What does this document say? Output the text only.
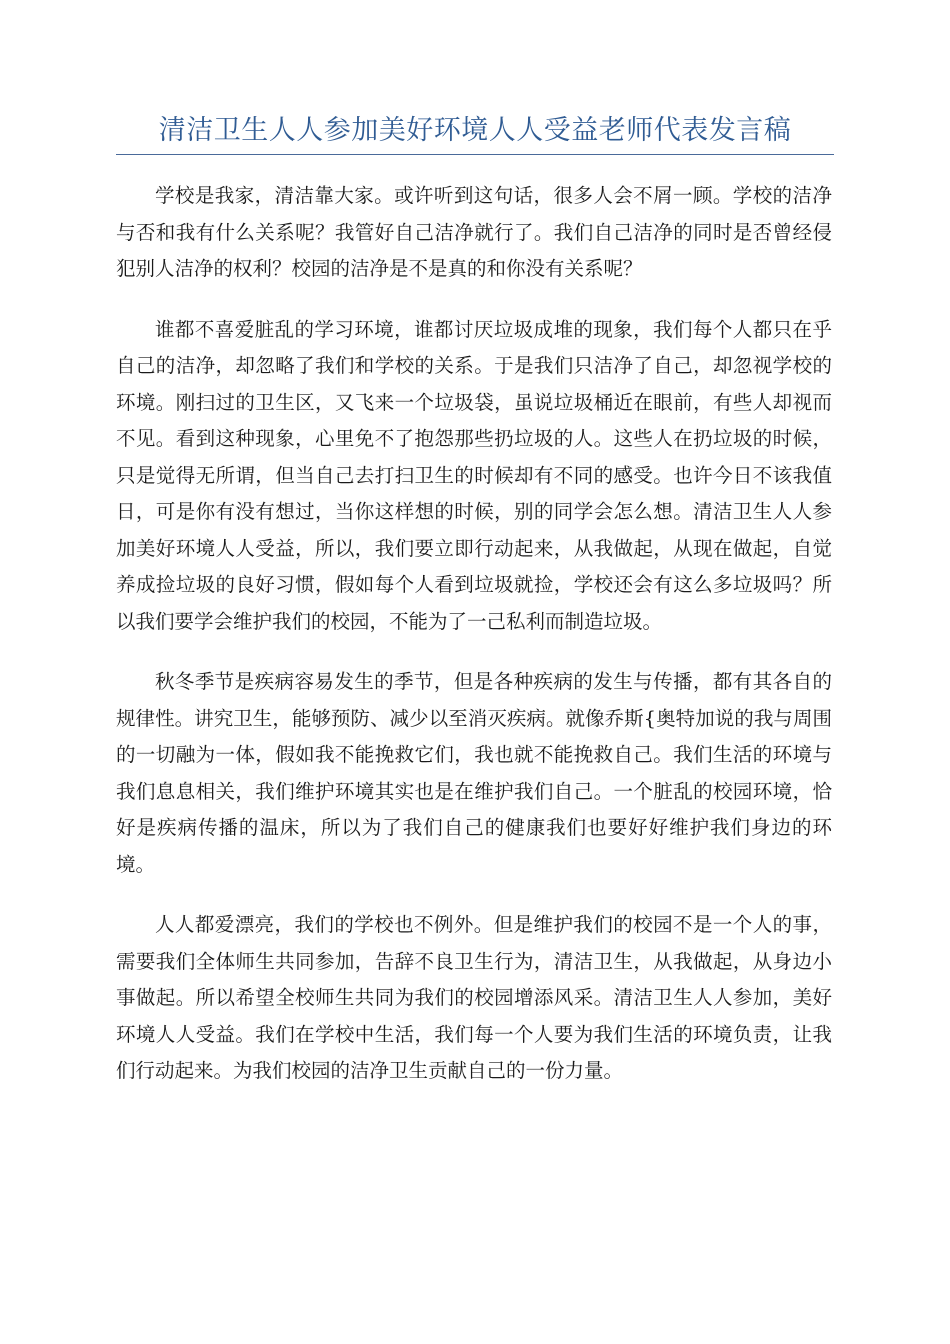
清洁卫生人人参加美好环境人人受益老师代表发言稿

学校是我家，清洁靠大家。或许听到这句话，很多人会不屑一顾。学校的洁净与否和我有什么关系呢？我管好自己洁净就行了。我们自己洁净的同时是否曾经侵犯别人洁净的权利？校园的洁净是不是真的和你没有关系呢？

谁都不喜爱脏乱的学习环境，谁都讨厌垃圾成堆的现象，我们每个人都只在乎自己的洁净，却忽略了我们和学校的关系。于是我们只洁净了自己，却忽视学校的环境。刚扫过的卫生区，又飞来一个垃圾袋，虽说垃圾桶近在眼前，有些人却视而不见。看到这种现象，心里免不了抱怨那些扔垃圾的人。这些人在扔垃圾的时候，只是觉得无所谓，但当自己去打扫卫生的时候却有不同的感受。也许今日不该我值日，可是你有没有想过，当你这样想的时候，别的同学会怎么想。清洁卫生人人参加美好环境人人受益，所以，我们要立即行动起来，从我做起，从现在做起，自觉养成捡垃圾的良好习惯，假如每个人看到垃圾就捡，学校还会有这么多垃圾吗？所以我们要学会维护我们的校园，不能为了一己私利而制造垃圾。

秋冬季节是疾病容易发生的季节，但是各种疾病的发生与传播，都有其各自的规律性。讲究卫生，能够预防、减少以至消灭疾病。就像乔斯{奥特加说的我与周围的一切融为一体，假如我不能挽救它们，我也就不能挽救自己。我们生活的环境与我们息息相关，我们维护环境其实也是在维护我们自己。一个脏乱的校园环境，恰好是疾病传播的温床，所以为了我们自己的健康我们也要好好维护我们身边的环境。

人人都爱漂亮，我们的学校也不例外。但是维护我们的校园不是一个人的事，需要我们全体师生共同参加，告辞不良卫生行为，清洁卫生，从我做起，从身边小事做起。所以希望全校师生共同为我们的校园增添风采。清洁卫生人人参加，美好环境人人受益。我们在学校中生活，我们每一个人要为我们生活的环境负责，让我们行动起来。为我们校园的洁净卫生贡献自己的一份力量。
